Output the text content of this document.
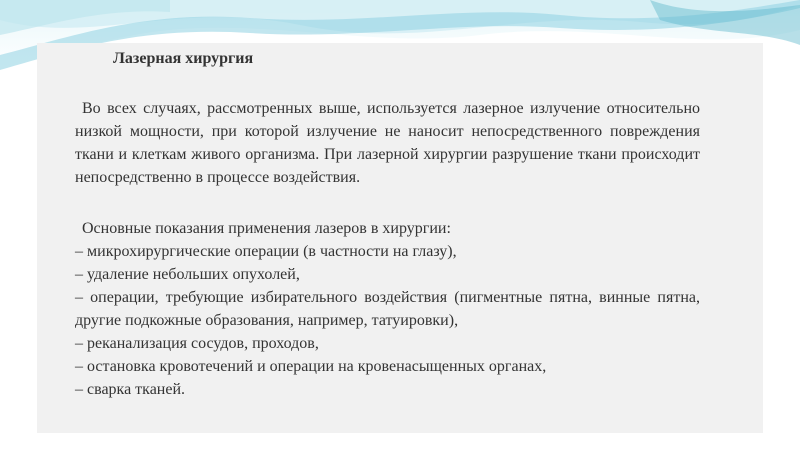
Лазерная хирургия

Во всех случаях, рассмотренных выше, используется лазерное излучение относительно низкой мощности, при которой излучение не наносит непосредственного повреждения ткани и клеткам живого организма. При лазерной хирургии разрушение ткани происходит непосредственно в процессе воздействия.

Основные показания применения лазеров в хирургии:

– микрохирургические операции (в частности на глазу),
– удаление небольших опухолей,
– операции, требующие избирательного воздействия (пигментные пятна, винные пятна, другие подкожные образования, например, татуировки),
– реканализация сосудов, проходов,
– остановка кровотечений и операции на кровенасыщенных органах,
– сварка тканей.
